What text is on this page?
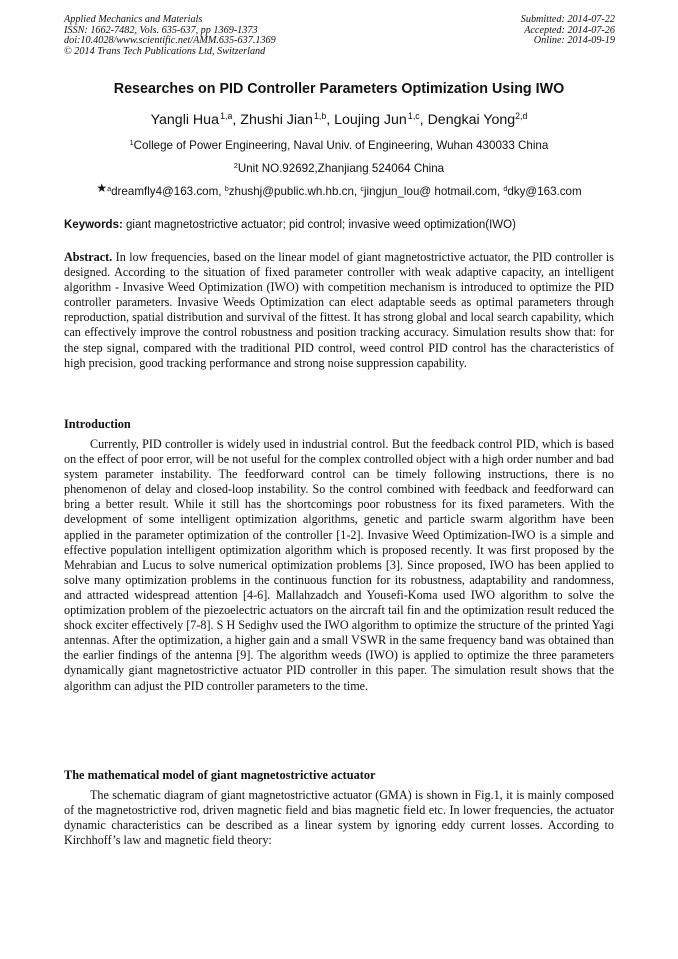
Applied Mechanics and Materials
ISSN: 1662-7482, Vols. 635-637, pp 1369-1373
doi:10.4028/www.scientific.net/AMM.635-637.1369
© 2014 Trans Tech Publications Ltd, Switzerland
Submitted: 2014-07-22
Accepted: 2014-07-26
Online: 2014-09-19
Researches on PID Controller Parameters Optimization Using IWO
Yangli Hua $^{1,a}$, Zhushi Jian $^{1,b}$, Loujing Jun $^{1,c}$, Dengkai Yong$^{2,d}$
$^1$College of Power Engineering, Naval Univ. of Engineering, Wuhan 430033 China
$^2$Unit NO.92692,Zhanjiang 524064 China
★$^a$dreamfly4@163.com, $^b$zhushj@public.wh.hb.cn, $^c$jingjun_lou@ hotmail.com, $^d$dky@163.com
Keywords: giant magnetostrictive actuator; pid control; invasive weed optimization(IWO)

Abstract. In low frequencies, based on the linear model of giant magnetostrictive actuator, the PID controller is designed. According to the situation of fixed parameter controller with weak adaptive capacity, an intelligent algorithm - Invasive Weed Optimization (IWO) with competition mechanism is introduced to optimize the PID controller parameters. Invasive Weeds Optimization can elect adaptable seeds as optimal parameters through reproduction, spatial distribution and survival of the fittest. It has strong global and local search capability, which can effectively improve the control robustness and position tracking accuracy. Simulation results show that: for the step signal, compared with the traditional PID control, weed control PID control has the characteristics of high precision, good tracking performance and strong noise suppression capability.

Introduction

Currently, PID controller is widely used in industrial control. But the feedback control PID, which is based on the effect of poor error, will be not useful for the complex controlled object with a high order number and bad system parameter instability. The feedforward control can be timely following instructions, there is no phenomenon of delay and closed-loop instability. So the control combined with feedback and feedforward can bring a better result. While it still has the shortcomings poor robustness for its fixed parameters. With the development of some intelligent optimization algorithms, genetic and particle swarm algorithm have been applied in the parameter optimization of the controller [1-2]. Invasive Weed Optimization-IWO is a simple and effective population intelligent optimization algorithm which is proposed recently. It was first proposed by the Mehrabian and Lucus to solve numerical optimization problems [3]. Since proposed, IWO has been applied to solve many optimization problems in the continuous function for its robustness, adaptability and randomness, and attracted widespread attention [4-6]. Mallahzadch and Yousefi-Koma used IWO algorithm to solve the optimization problem of the piezoelectric actuators on the aircraft tail fin and the optimization result reduced the shock exciter effectively [7-8]. S H Sedighv used the IWO algorithm to optimize the structure of the printed Yagi antennas. After the optimization, a higher gain and a small VSWR in the same frequency band was obtained than the earlier findings of the antenna [9]. The algorithm weeds (IWO) is applied to optimize the three parameters dynamically giant magnetostrictive actuator PID controller in this paper. The simulation result shows that the algorithm can adjust the PID controller parameters to the time.

The mathematical model of giant magnetostrictive actuator

The schematic diagram of giant magnetostrictive actuator (GMA) is shown in Fig.1, it is mainly composed of the magnetostrictive rod, driven magnetic field and bias magnetic field etc. In lower frequencies, the actuator dynamic characteristics can be described as a linear system by ignoring eddy current losses. According to Kirchhoff’s law and magnetic field theory:
